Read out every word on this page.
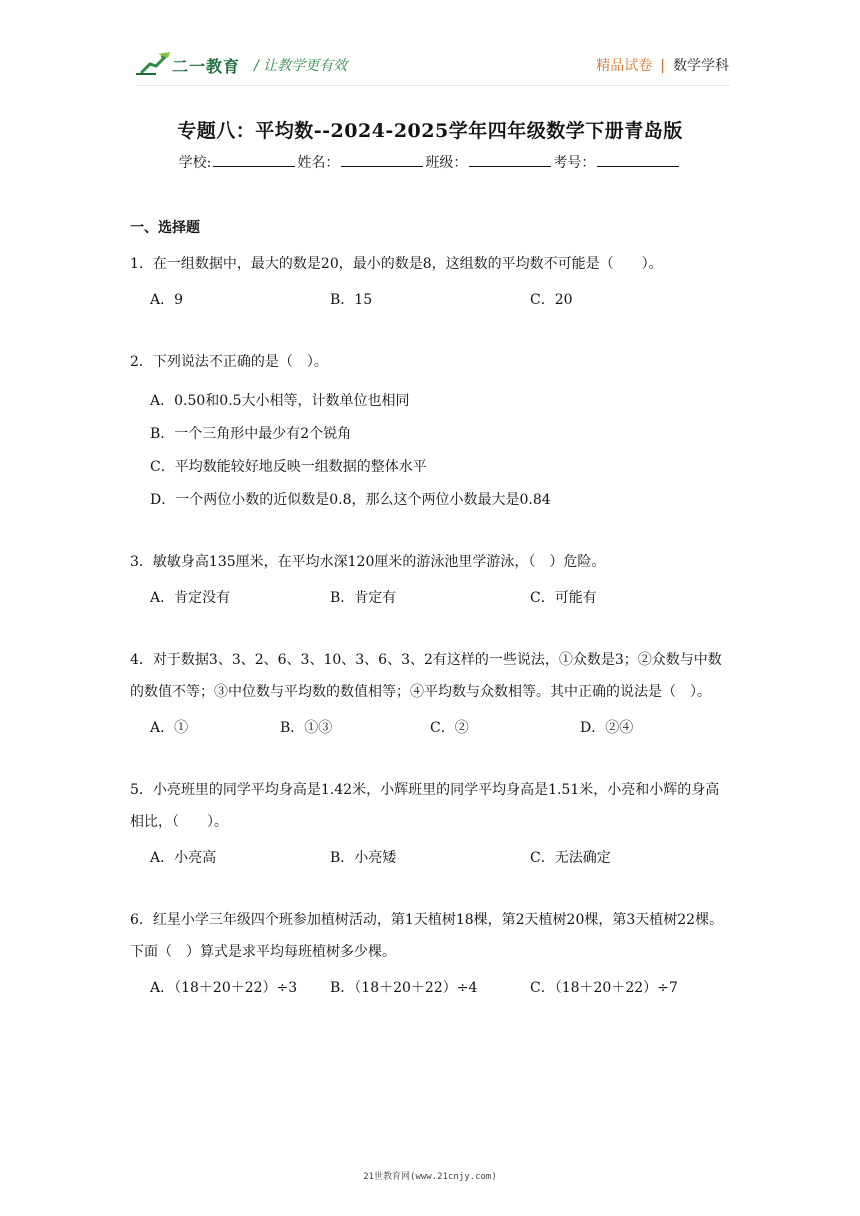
二一教育 / 让教学更有效	精品试卷 | 数学学科
专题八：平均数--2024-2025学年四年级数学下册青岛版
学校:	姓名：	班级：	考号：
一、选择题
1．在一组数据中，最大的数是20，最小的数是8，这组数的平均数不可能是（　　）。
A．9	B．15	C．20
2．下列说法不正确的是（　）。
A．0.50和0.5大小相等，计数单位也相同
B．一个三角形中最少有2个锐角
C．平均数能较好地反映一组数据的整体水平
D．一个两位小数的近似数是0.8，那么这个两位小数最大是0.84
3．敏敏身高135厘米，在平均水深120厘米的游泳池里学游泳，（　）危险。
A．肯定没有	B．肯定有	C．可能有
4．对于数据3、3、2、6、3、10、3、6、3、2有这样的一些说法，①众数是3；②众数与中数的数值不等；③中位数与平均数的数值相等；④平均数与众数相等。其中正确的说法是（　）。
A．①	B．①③	C．②	D．②④
5．小亮班里的同学平均身高是1.42米，小辉班里的同学平均身高是1.51米，小亮和小辉的身高相比，（　　）。
A．小亮高	B．小亮矮	C．无法确定
6．红星小学三年级四个班参加植树活动，第1天植树18棵，第2天植树20棵，第3天植树22棵。下面（　）算式是求平均每班植树多少棵。
A．（18＋20＋22）÷3	B．（18＋20＋22）÷4	C．（18＋20＋22）÷7
21世教育网(www.21cnjy.com)
